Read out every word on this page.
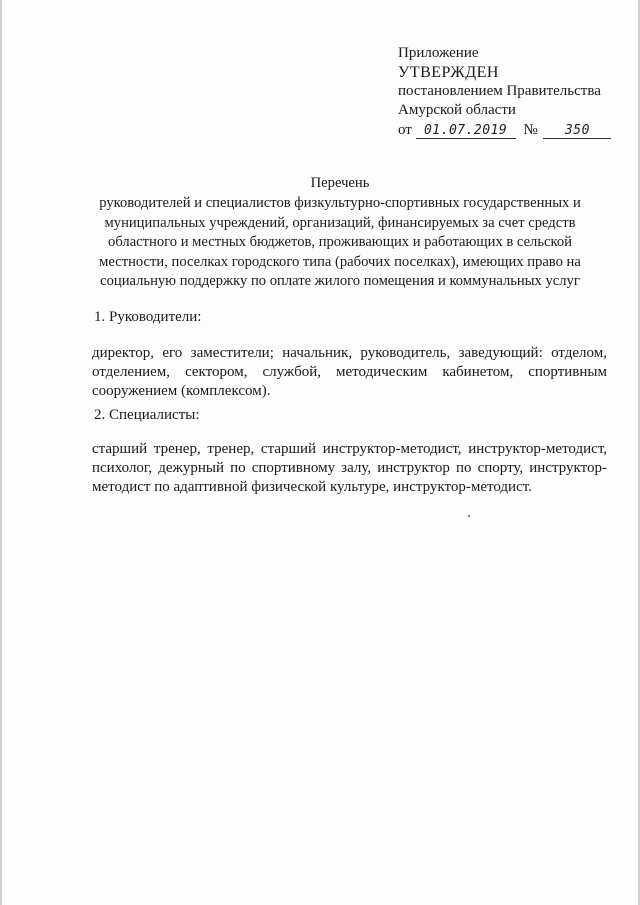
Приложение
УТВЕРЖДЕН
постановлением Правительства
Амурской области
от 01.07.2019 № 350
Перечень
руководителей и специалистов физкультурно-спортивных государственных и
муниципальных учреждений, организаций, финансируемых за счет средств
областного и местных бюджетов, проживающих и работающих в сельской
местности, поселках городского типа (рабочих поселках), имеющих право на
социальную поддержку по оплате жилого помещения и коммунальных услуг
1. Руководители:
директор, его заместители; начальник, руководитель, заведующий: отделом,
отделением, сектором, службой, методическим кабинетом, спортивным
сооружением (комплексом).
2. Специалисты:
старший тренер, тренер, старший инструктор-методист, инструктор-методист,
психолог, дежурный по спортивному залу, инструктор по спорту, инструктор-
методист по адаптивной физической культуре, инструктор-методист.
